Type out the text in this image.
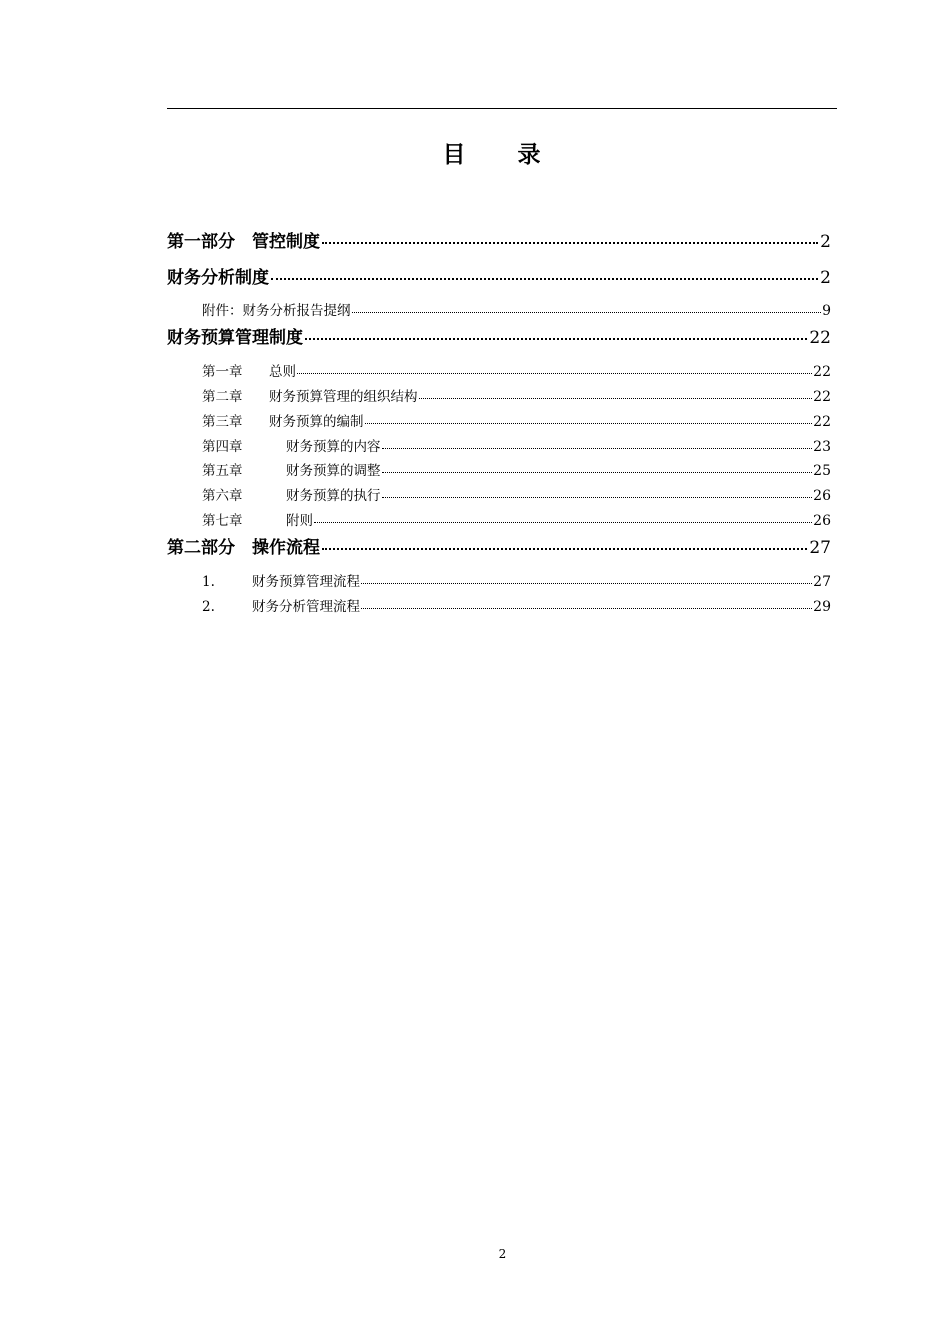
目 录
第一部分　管控制度	2
财务分析制度	2
附件：财务分析报告提纲	9
财务预算管理制度	22
第一章	总则	22
第二章	财务预算管理的组织结构	22
第三章	财务预算的编制	22
第四章	财务预算的内容	23
第五章	财务预算的调整	25
第六章	财务预算的执行	26
第七章	附则	26
第二部分　操作流程	27
1.	财务预算管理流程	27
2.	财务分析管理流程	29
2
